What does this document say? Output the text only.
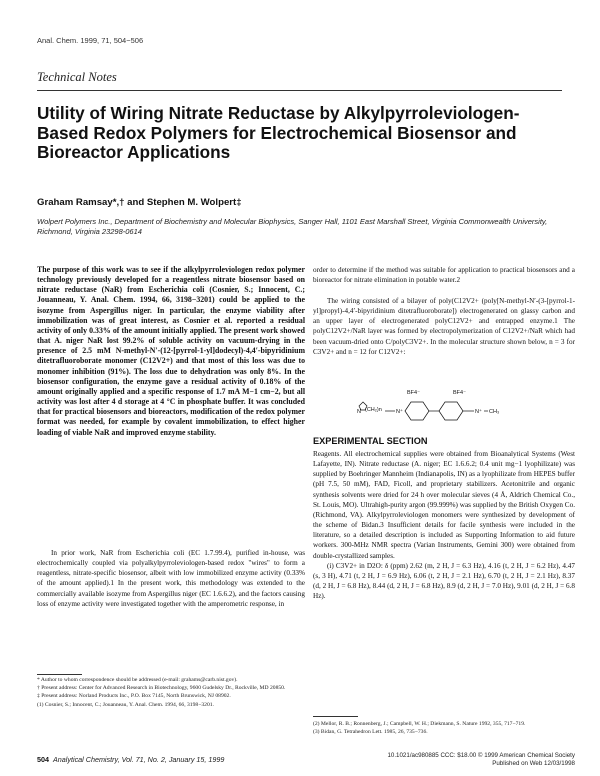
Anal. Chem. 1999, 71, 504−506
Technical Notes
Utility of Wiring Nitrate Reductase by Alkylpyrroleviologen-Based Redox Polymers for Electrochemical Biosensor and Bioreactor Applications
Graham Ramsay*,† and Stephen M. Wolpert‡
Wolpert Polymers Inc., Department of Biochemistry and Molecular Biophysics, Sanger Hall, 1101 East Marshall Street, Virginia Commonwealth University, Richmond, Virginia 23298-0614
The purpose of this work was to see if the alkylpyrroleviologen redox polymer technology previously developed for a reagentless nitrate biosensor based on nitrate reductase (NaR) from Escherichia coli (Cosnier, S.; Innocent, C.; Jouanneau, Y. Anal. Chem. 1994, 66, 3198−3201) could be applied to the isozyme from Aspergillus niger. In particular, the enzyme viability after immobilization was of great interest, as Cosnier et al. reported a residual activity of only 0.33% of the amount initially applied. The present work showed that A. niger NaR lost 99.2% of soluble activity on vacuum-drying in the presence of 2.5 mM N-methyl-N′-(12-[pyrrol-1-yl]dodecyl)-4,4′-bipyridinium ditetrafluoroborate monomer (C12V2+) and that most of this loss was due to monomer inhibition (91%). The loss due to dehydration was only 8%. In the biosensor configuration, the enzyme gave a residual activity of 0.18% of the amount originally applied and a specific response of 1.7 mA M−1 cm−2, but all activity was lost after 4 d storage at 4 °C in phosphate buffer. It was concluded that for practical biosensors and bioreactors, modification of the redox polymer format was needed, for example by covalent immobilization, to effect higher loading of viable NaR and improved enzyme stability.
In prior work, NaR from Escherichia coli (EC 1.7.99.4), purified in-house, was electrochemically coupled via polyalkylpyrroleviologen-based redox "wires" to form a reagentless, nitrate-specific biosensor, albeit with low immobilized enzyme activity (0.33% of the amount applied).1 In the present work, this methodology was extended to the commercially available isozyme from Aspergillus niger (EC 1.6.6.2), and the factors causing loss of enzyme activity were investigated together with the amperometric response, in

* Author to whom correspondence should be addressed (e-mail: grahams@carb.nist.gov).

† Present address: Center for Advanced Research in Biotechnology, 9600 Gudelsky Dr., Rockville, MD 20850.

‡ Present address: Norland Products Inc., P.O. Box 7145, North Brunswick, NJ 08902.

(1) Cosnier, S.; Innocent, C.; Jouanneau, Y. Anal. Chem. 1994, 66, 3198−3201.

order to determine if the method was suitable for application to practical biosensors and a bioreactor for nitrate elimination in potable water.2
The wiring consisted of a bilayer of poly(C12V2+ (poly[N-methyl-N′-(3-[pyrrol-1-yl]propyl)-4,4′-bipyridinium ditetrafluoroborate]) electrogenerated on glassy carbon and an upper layer of electrogenerated polyC12V2+ and entrapped enzyme.1 The polyC12V2+/NaR layer was formed by electropolymerization of C12V2+/NaR which had been vacuum-dried onto C/polyC3V2+. In the molecular structure shown below, n = 3 for C3V2+ and n = 12 for C12V2+:
BF4⁻	BF4⁻
N (CH₂)n	N⁺	N⁺ CH₃
EXPERIMENTAL SECTION
Reagents. All electrochemical supplies were obtained from Bioanalytical Systems (West Lafayette, IN). Nitrate reductase (A. niger; EC 1.6.6.2; 0.4 unit mg−1 lyophilizate) was supplied by Boehringer Mannheim (Indianapolis, IN) as a lyophilizate from HEPES buffer (pH 7.5, 50 mM), FAD, Ficoll, and proprietary stabilizers. Acetonitrile and organic synthesis solvents were dried for 24 h over molecular sieves (4 Å, Aldrich Chemical Co., St. Louis, MO). Ultrahigh-purity argon (99.999%) was supplied by the British Oxygen Co. (Richmond, VA). Alkylpyrroleviologen monomers were synthesized by development of the scheme of Bidan.3 Insufficient details for facile synthesis were included in the literature, so a detailed description is included as Supporting Information to aid future workers. 300-MHz NMR spectra (Varian Instruments, Gemini 300) were obtained from double-crystallized samples.
(i) C3V2+ in D2O: δ (ppm) 2.62 (m, 2 H, J = 6.3 Hz), 4.16 (t, 2 H, J = 6.2 Hz), 4.47 (s, 3 H), 4.71 (t, 2 H, J = 6.9 Hz), 6.06 (t, 2 H, J = 2.1 Hz), 6.70 (t, 2 H, J = 2.1 Hz), 8.37 (d, 2 H, J = 6.8 Hz), 8.44 (d, 2 H, J = 6.8 Hz), 8.9 (d, 2 H, J = 7.0 Hz), 9.01 (d, 2 H, J = 6.8 Hz).

(2) Mellor, R. B.; Ronnenberg, J.; Campbell, W. H.; Diekmann, S. Nature 1992, 355, 717−719.

(3) Bidan, G. Tetrahedron Lett. 1985, 26, 735−736.

504 Analytical Chemistry, Vol. 71, No. 2, January 15, 1999	10.1021/ac980885 CCC: $18.00 © 1999 American Chemical Society
Published on Web 12/03/1998
